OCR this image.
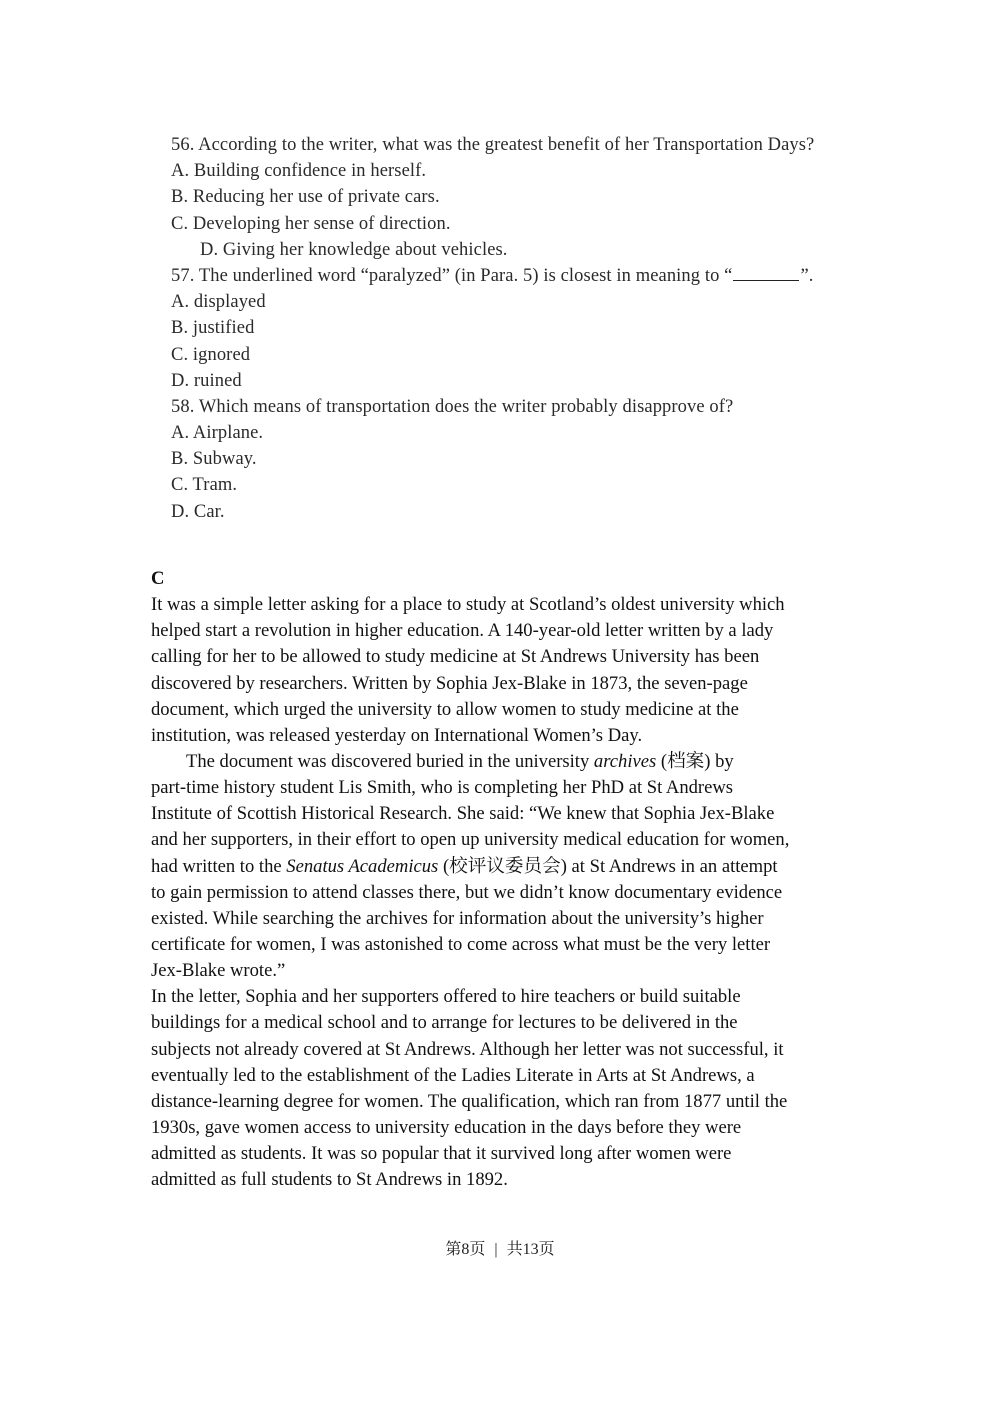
56. According to the writer, what was the greatest benefit of her Transportation Days?
A. Building confidence in herself.
B. Reducing her use of private cars.
C. Developing her sense of direction.
D. Giving her knowledge about vehicles.
57. The underlined word “paralyzed” (in Para. 5) is closest in meaning to “	”.
A. displayed
B. justified
C. ignored
D. ruined
58. Which means of transportation does the writer probably disapprove of?
A. Airplane.
B. Subway.
C. Tram.
D. Car.
C
It was a simple letter asking for a place to study at Scotland’s oldest university which
helped start a revolution in higher education. A 140-year-old letter written by a lady
calling for her to be allowed to study medicine at St Andrews University has been
discovered by researchers. Written by Sophia Jex-Blake in 1873, the seven-page
document, which urged the university to allow women to study medicine at the
institution, was released yesterday on International Women’s Day.
The document was discovered buried in the university archives (档案) by
part-time history student Lis Smith, who is completing her PhD at St Andrews
Institute of Scottish Historical Research. She said: “We knew that Sophia Jex-Blake
and her supporters, in their effort to open up university medical education for women,
had written to the Senatus Academicus (校评议委员会) at St Andrews in an attempt
to gain permission to attend classes there, but we didn’t know documentary evidence
existed. While searching the archives for information about the university’s higher
certificate for women, I was astonished to come across what must be the very letter
Jex-Blake wrote.”
In the letter, Sophia and her supporters offered to hire teachers or build suitable
buildings for a medical school and to arrange for lectures to be delivered in the
subjects not already covered at St Andrews. Although her letter was not successful, it
eventually led to the establishment of the Ladies Literate in Arts at St Andrews, a
distance-learning degree for women. The qualification, which ran from 1877 until the
1930s, gave women access to university education in the days before they were
admitted as students. It was so popular that it survived long after women were
admitted as full students to St Andrews in 1892.
第8页 | 共13页
